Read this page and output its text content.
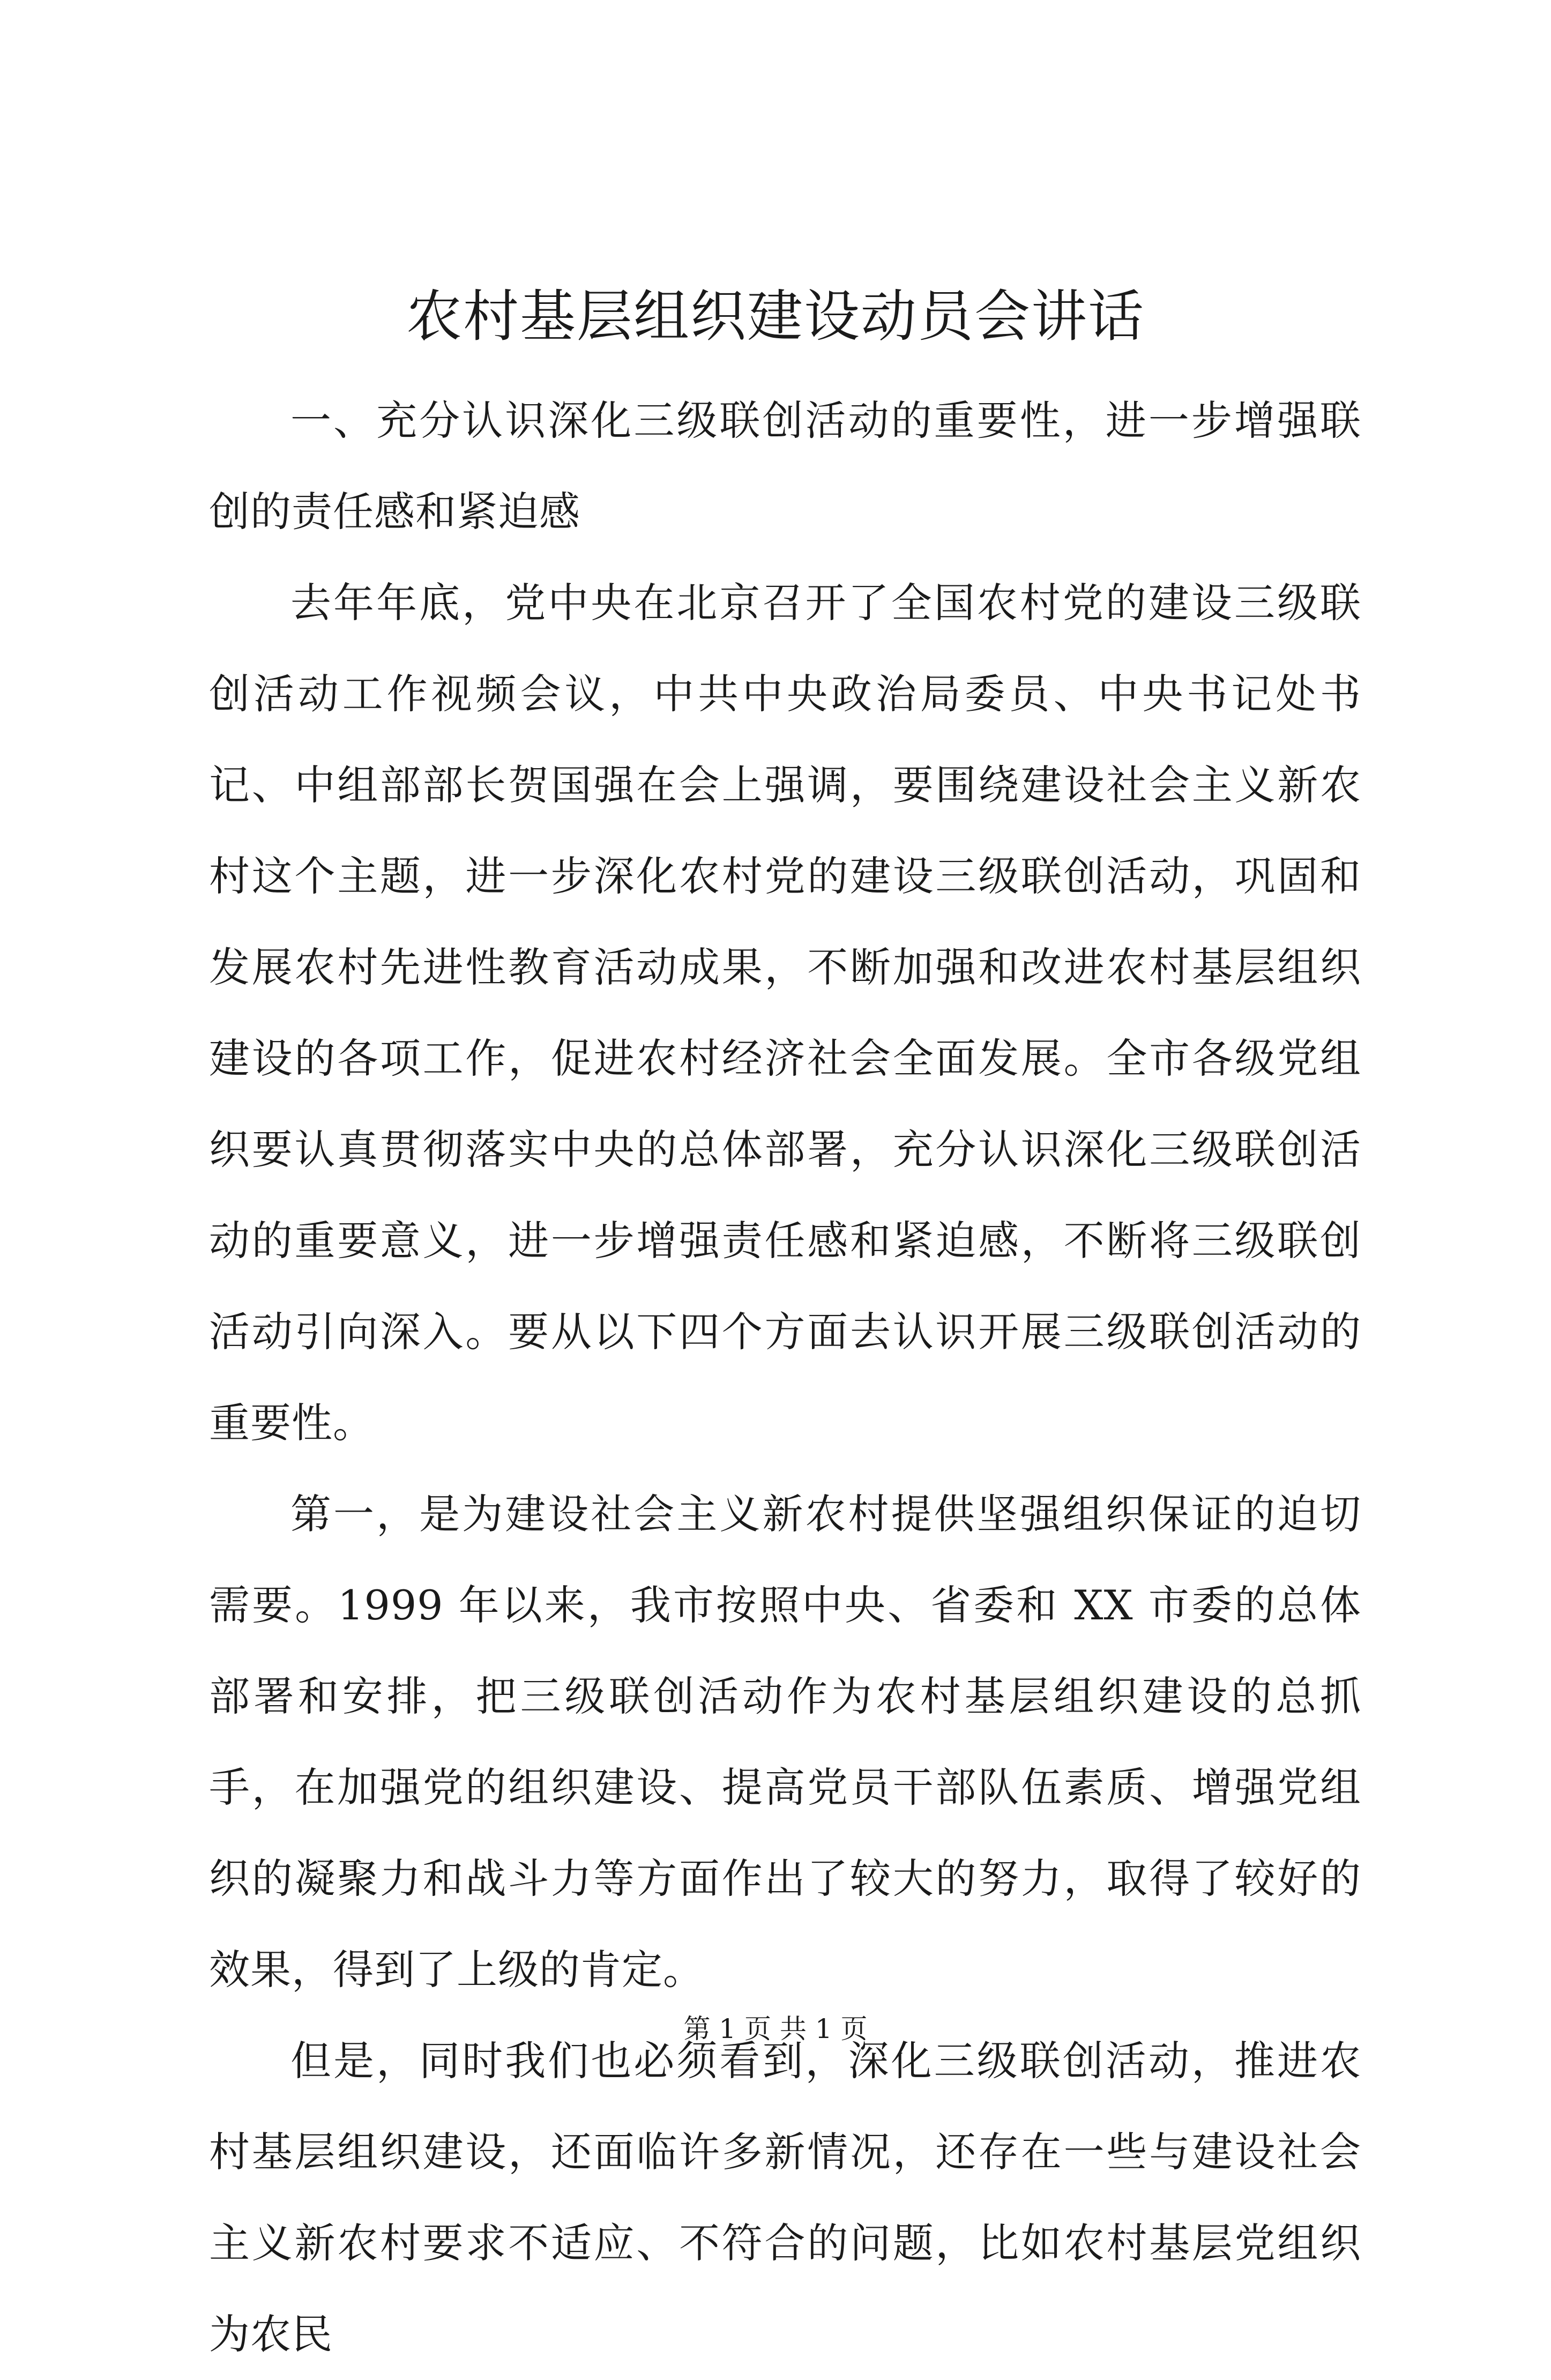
农村基层组织建设动员会讲话

一、充分认识深化三级联创活动的重要性，进一步增强联创的责任感和紧迫感

去年年底，党中央在北京召开了全国农村党的建设三级联创活动工作视频会议，中共中央政治局委员、中央书记处书记、中组部部长贺国强在会上强调，要围绕建设社会主义新农村这个主题，进一步深化农村党的建设三级联创活动，巩固和发展农村先进性教育活动成果，不断加强和改进农村基层组织建设的各项工作，促进农村经济社会全面发展。全市各级党组织要认真贯彻落实中央的总体部署，充分认识深化三级联创活动的重要意义，进一步增强责任感和紧迫感，不断将三级联创活动引向深入。要从以下四个方面去认识开展三级联创活动的重要性。

第一，是为建设社会主义新农村提供坚强组织保证的迫切需要。1999 年以来，我市按照中央、省委和 XX 市委的总体部署和安排，把三级联创活动作为农村基层组织建设的总抓手，在加强党的组织建设、提高党员干部队伍素质、增强党组织的凝聚力和战斗力等方面作出了较大的努力，取得了较好的效果，得到了上级的肯定。

但是，同时我们也必须看到，深化三级联创活动，推进农村基层组织建设，还面临许多新情况，还存在一些与建设社会主义新农村要求不适应、不符合的问题，比如农村基层党组织为农民

第 1 页 共 1 页
